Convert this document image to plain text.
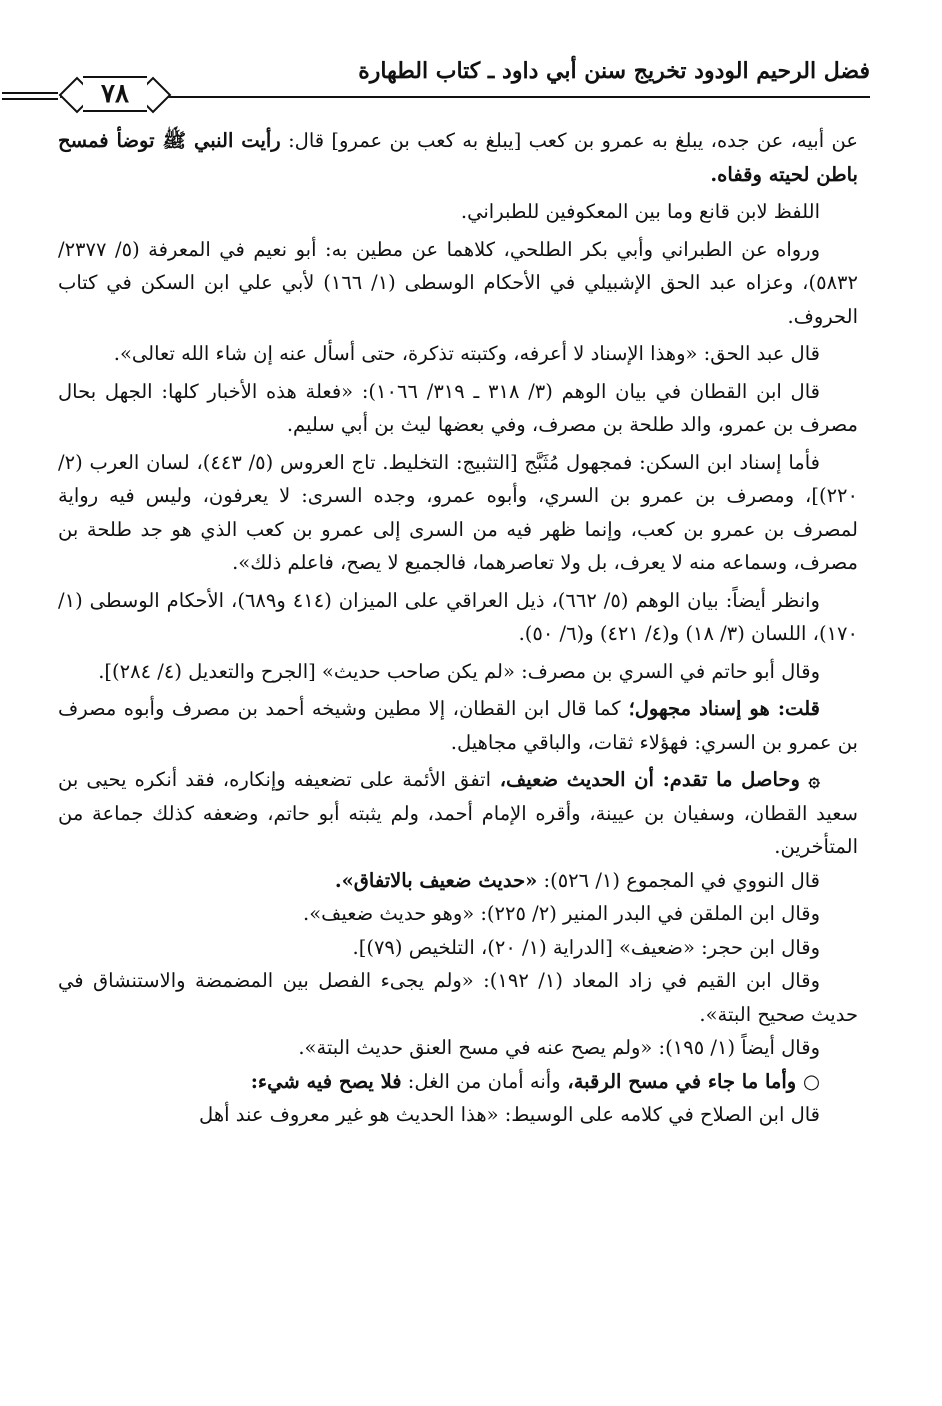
فضل الرحيم الودود تخريج سنن أبي داود ـ كتاب الطهارة
٧٨

عن أبيه، عن جده، يبلغ به عمرو بن كعب [يبلغ به كعب بن عمرو] قال: رأيت النبي ﷺ توضأ فمسح باطن لحيته وقفاه.

اللفظ لابن قانع وما بين المعكوفين للطبراني.

ورواه عن الطبراني وأبي بكر الطلحي، كلاهما عن مطين به: أبو نعيم في المعرفة (٥/ ٢٣٧٧/ ٥٨٣٢)، وعزاه عبد الحق الإشبيلي في الأحكام الوسطى (١/ ١٦٦) لأبي علي ابن السكن في كتاب الحروف.

قال عبد الحق: «وهذا الإسناد لا أعرفه، وكتبته تذكرة، حتى أسأل عنه إن شاء الله تعالى».

قال ابن القطان في بيان الوهم (٣/ ٣١٨ ـ ٣١٩/ ١٠٦٦): «فعلة هذه الأخبار كلها: الجهل بحال مصرف بن عمرو، والد طلحة بن مصرف، وفي بعضها ليث بن أبي سليم.

فأما إسناد ابن السكن: فمجهول مُثَبَّج [التثبيج: التخليط. تاج العروس (٥/ ٤٤٣)، لسان العرب (٢/ ٢٢٠)]، ومصرف بن عمرو بن السري، وأبوه عمرو، وجده السرى: لا يعرفون، وليس فيه رواية لمصرف بن عمرو بن كعب، وإنما ظهر فيه من السرى إلى عمرو بن كعب الذي هو جد طلحة بن مصرف، وسماعه منه لا يعرف، بل ولا تعاصرهما، فالجميع لا يصح، فاعلم ذلك».

وانظر أيضاً: بيان الوهم (٥/ ٦٦٢)، ذيل العراقي على الميزان (٤١٤ و٦٨٩)، الأحكام الوسطى (١/ ١٧٠)، اللسان (٣/ ١٨) و(٤/ ٤٢١) و(٦/ ٥٠).

وقال أبو حاتم في السري بن مصرف: «لم يكن صاحب حديث» [الجرح والتعديل (٤/ ٢٨٤)].

قلت: هو إسناد مجهول؛ كما قال ابن القطان، إلا مطين وشيخه أحمد بن مصرف وأبوه مصرف بن عمرو بن السري: فهؤلاء ثقات، والباقي مجاهيل.

۞ وحاصل ما تقدم: أن الحديث ضعيف، اتفق الأئمة على تضعيفه وإنكاره، فقد أنكره يحيى بن سعيد القطان، وسفيان بن عيينة، وأقره الإمام أحمد، ولم يثبته أبو حاتم، وضعفه كذلك جماعة من المتأخرين.

قال النووي في المجموع (١/ ٥٢٦): «حديث ضعيف بالاتفاق».

وقال ابن الملقن في البدر المنير (٢/ ٢٢٥): «وهو حديث ضعيف».

وقال ابن حجر: «ضعيف» [الدراية (١/ ٢٠)، التلخيص (٧٩)].

وقال ابن القيم في زاد المعاد (١/ ١٩٢): «ولم يجىء الفصل بين المضمضة والاستنشاق في حديث صحيح البتة».

وقال أيضاً (١/ ١٩٥): «ولم يصح عنه في مسح العنق حديث البتة».

○ وأما ما جاء في مسح الرقبة، وأنه أمان من الغل: فلا يصح فيه شيء:

قال ابن الصلاح في كلامه على الوسيط: «هذا الحديث هو غير معروف عند أهل
